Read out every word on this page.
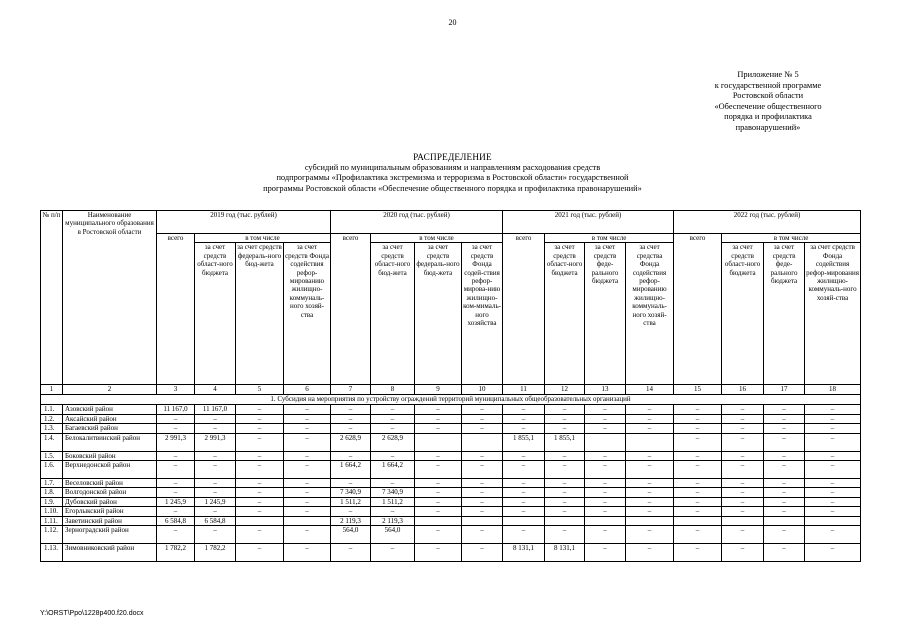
20
Приложение № 5
к государственной программе
Ростовской области
«Обеспечение общественного
порядка и профилактика
правонарушений»
РАСПРЕДЕЛЕНИЕ
субсидий по муниципальным образованиям и направлениям расходования средств
подпрограммы «Профилактика экстремизма и терроризма в Ростовской области» государственной
программы Ростовской области «Обеспечение общественного порядка и профилактика правонарушений»
№ п/п	Наименование муниципального образования в Ростовской области	2019 год (тыс. рублей)				2020 год (тыс. рублей)				2021 год (тыс. рублей)				2022 год (тыс. рублей)			
		всего	в том числе			всего	в том числе			всего	в том числе			всего	в том числе		
			за счет средств област-ного бюджета	за счет средств федераль-ного бюд-жета	за счет средств Фонда содействия рефор-мированию жилищно-коммуналь-ного хозяй-ства		за счет средств област-ного бюд-жета	за счет средств федераль-ного бюд-жета	за счет средств Фонда содей-ствия рефор-мирова-нию жилищно-ком-мималь-ного хозяйства		за счет средств област-ного бюджета	за счет средств феде-рального бюджета	за счет средства Фонда содействия рефор-мированию жилищно-коммуналь-ного хозяй-ства		за счет средств област-ного бюджета	за счет средств феде-рального бюджета	за счет средств Фонда содействия рефор-мирования жилищно-коммуналь-ного хозяй-ства
1	2	3	4	5	6	7	8	9	10	11	12	13	14	15	16	17	18
1. Субсидия на мероприятия по устройству ограждений территорий муниципальных общеобразовательных организаций																	
1.1.	Азовский район	11 167,0	11 167,0	–	–	–	–	–	–	–	–	–	–	–	–	–	–
1.2.	Аксайский район	–	–	–	–	–	–	–	–	–	–	–	–	–	–	–	–
1.3.	Багаевский район	–	–	–	–	–	–	–	–	–	–	–	–	–	–	–	–
1.4.	Белокалитвинский район	2 991,3	2 991,3	–	–	2 628,9	2 628,9			1 855,1	1 855,1			–	–	–	–
1.5.	Боковский район	–	–	–	–	–	–	–	–	–	–	–	–	–	–	–	–
1.6.	Верхнедонской район	–	–	–	–	1 664,2	1 664,2	–	–	–	–	–	–	–	–	–	–
1.7.	Веселовский район	–	–	–	–	–	–	–	–	–	–	–	–	–	–	–	–
1.8.	Волгодонской район	–	–	–	–	7 340,9	7 340,9	–	–	–	–	–	–	–	–	–	–
1.9.	Дубовский район	1 245,9	1 245,9	–	–	1 511,2	1 511,2	–	–	–	–	–	–	–	–	–	–
1.10.	Егорлыкский район	–	–	–	–	–	–	–	–	–	–	–	–	–	–	–	–
1.11.	Заветинский район	6 584,8	6 584,8			2 119,3	2 119,3										
1.12.	Зерноградский район	–	–	–	–	564,0	564,0	–	–	–	–	–	–	–	–	–	–
1.13.	Зимовниковский район	1 782,2	1 782,2	–	–	–	–	–	–	8 131,1	8 131,1	–	–	–	–	–	–
Y:\ORST\Ppo\1228p400.f20.docx
